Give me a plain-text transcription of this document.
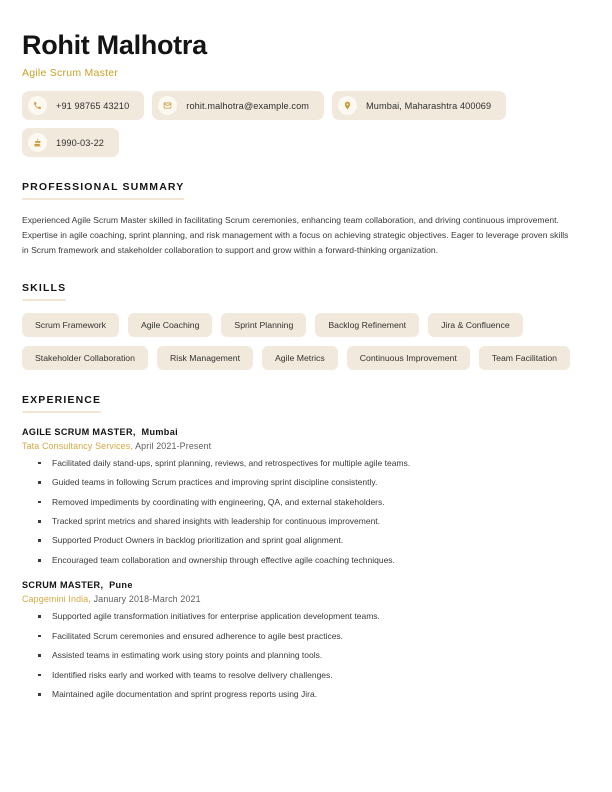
Rohit Malhotra
Agile Scrum Master
+91 98765 43210	rohit.malhotra@example.com	Mumbai, Maharashtra 400069
1990-03-22
PROFESSIONAL SUMMARY

Experienced Agile Scrum Master skilled in facilitating Scrum ceremonies, enhancing team collaboration, and driving continuous improvement. Expertise in agile coaching, sprint planning, and risk management with a focus on achieving strategic objectives. Eager to leverage proven skills in Scrum framework and stakeholder collaboration to support and grow within a forward-thinking organization.

SKILLS
Scrum Framework	Agile Coaching	Sprint Planning	Backlog Refinement	Jira & Confluence
Stakeholder Collaboration	Risk Management	Agile Metrics	Continuous Improvement	Team Facilitation
EXPERIENCE
AGILE SCRUM MASTER, Mumbai
Tata Consultancy Services, April 2021-Present
Facilitated daily stand-ups, sprint planning, reviews, and retrospectives for multiple agile teams.
Guided teams in following Scrum practices and improving sprint discipline consistently.
Removed impediments by coordinating with engineering, QA, and external stakeholders.
Tracked sprint metrics and shared insights with leadership for continuous improvement.
Supported Product Owners in backlog prioritization and sprint goal alignment.
Encouraged team collaboration and ownership through effective agile coaching techniques.
SCRUM MASTER, Pune
Capgemini India, January 2018-March 2021
Supported agile transformation initiatives for enterprise application development teams.
Facilitated Scrum ceremonies and ensured adherence to agile best practices.
Assisted teams in estimating work using story points and planning tools.
Identified risks early and worked with teams to resolve delivery challenges.
Maintained agile documentation and sprint progress reports using Jira.
